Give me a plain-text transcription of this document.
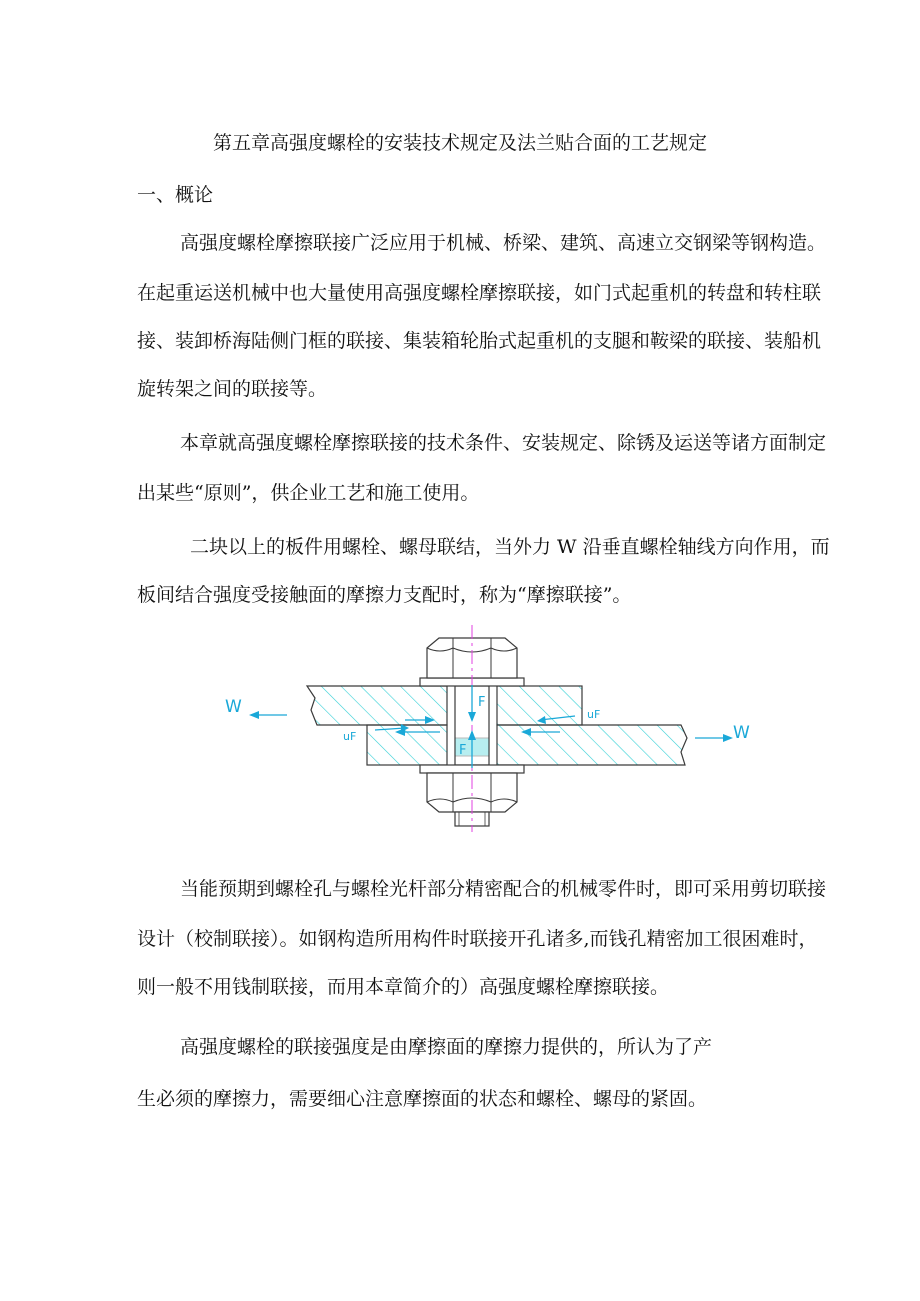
第五章高强度螺栓的安装技术规定及法兰贴合面的工艺规定
一、概论
高强度螺栓摩擦联接广泛应用于机械、桥梁、建筑、高速立交钢梁等钢构造。
在起重运送机械中也大量使用高强度螺栓摩擦联接，如门式起重机的转盘和转柱联
接、装卸桥海陆侧门框的联接、集装箱轮胎式起重机的支腿和鞍梁的联接、装船机
旋转架之间的联接等。
本章就高强度螺栓摩擦联接的技术条件、安装规定、除锈及运送等诸方面制定
出某些“原则”，供企业工艺和施工使用。
二块以上的板件用螺栓、螺母联结，当外力 W 沿垂直螺栓轴线方向作用，而
板间结合强度受接触面的摩擦力支配时，称为“摩擦联接”。
W
W
F
F
uF
uF
当能预期到螺栓孔与螺栓光杆部分精密配合的机械零件时，即可采用剪切联接
设计（校制联接）。如钢构造所用构件时联接开孔诸多,而钱孔精密加工很困难时，
则一般不用钱制联接，而用本章简介的）高强度螺栓摩擦联接。
高强度螺栓的联接强度是由摩擦面的摩擦力提供的，所认为了产
生必须的摩擦力，需要细心注意摩擦面的状态和螺栓、螺母的紧固。
